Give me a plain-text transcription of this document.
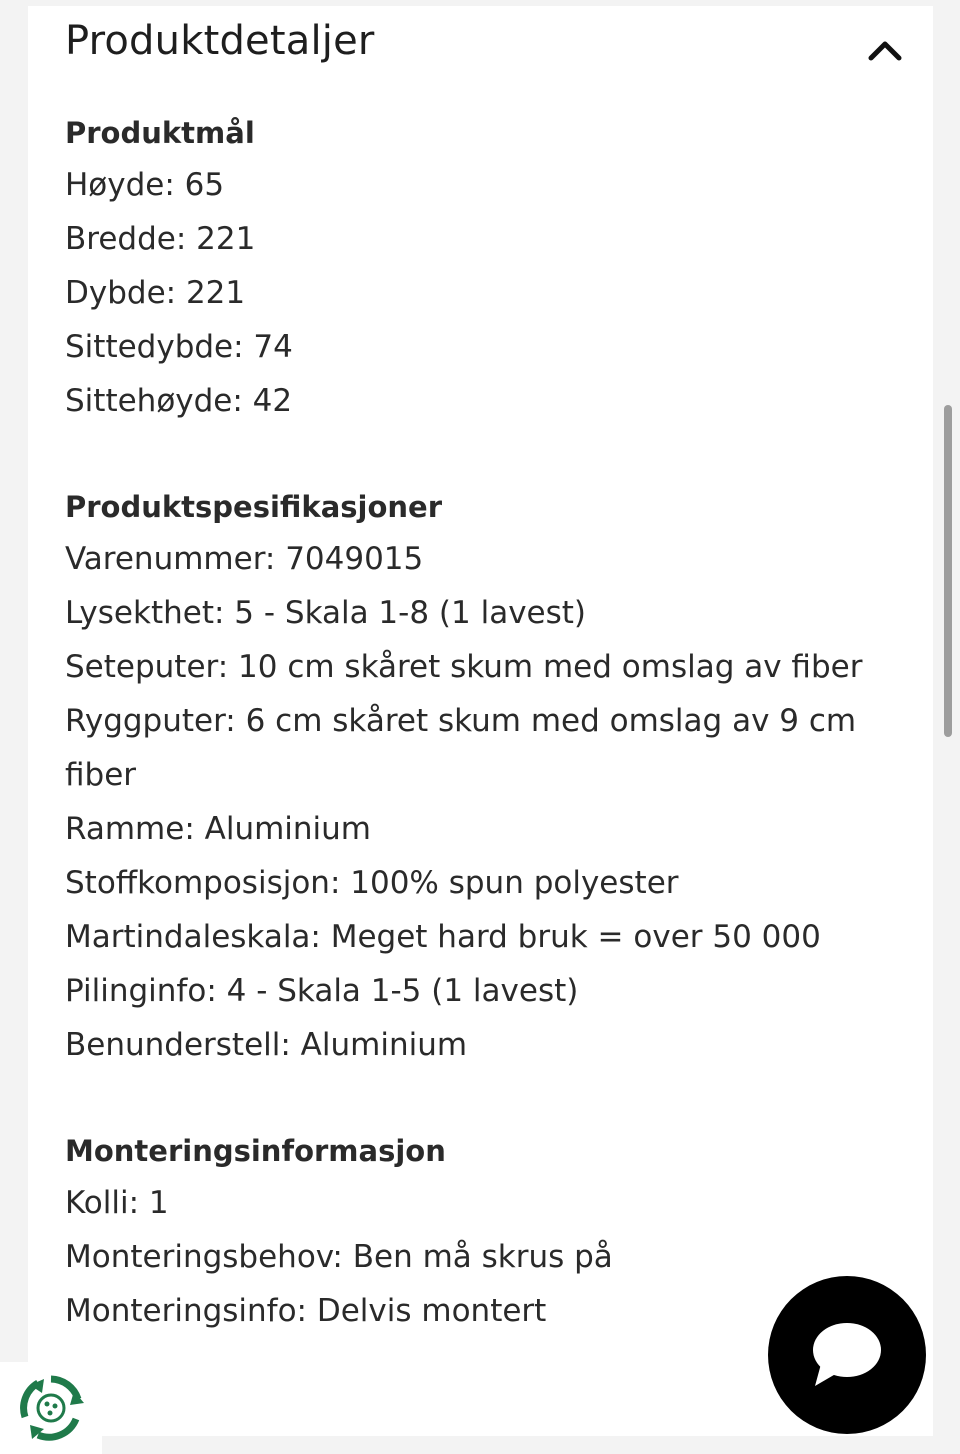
Produktdetaljer
Produktmål
Høyde: 65
Bredde: 221
Dybde: 221
Sittedybde: 74
Sittehøyde: 42
Produktspesifikasjoner
Varenummer: 7049015
Lysekthet: 5 - Skala 1-8 (1 lavest)
Seteputer: 10 cm skåret skum med omslag av fiber
Ryggputer: 6 cm skåret skum med omslag av 9 cm fiber
Ramme: Aluminium
Stoffkomposisjon: 100% spun polyester
Martindaleskala: Meget hard bruk = over 50 000
Pilinginfo: 4 - Skala 1-5 (1 lavest)
Benunderstell: Aluminium
Monteringsinformasjon
Kolli: 1
Monteringsbehov: Ben må skrus på
Monteringsinfo: Delvis montert
